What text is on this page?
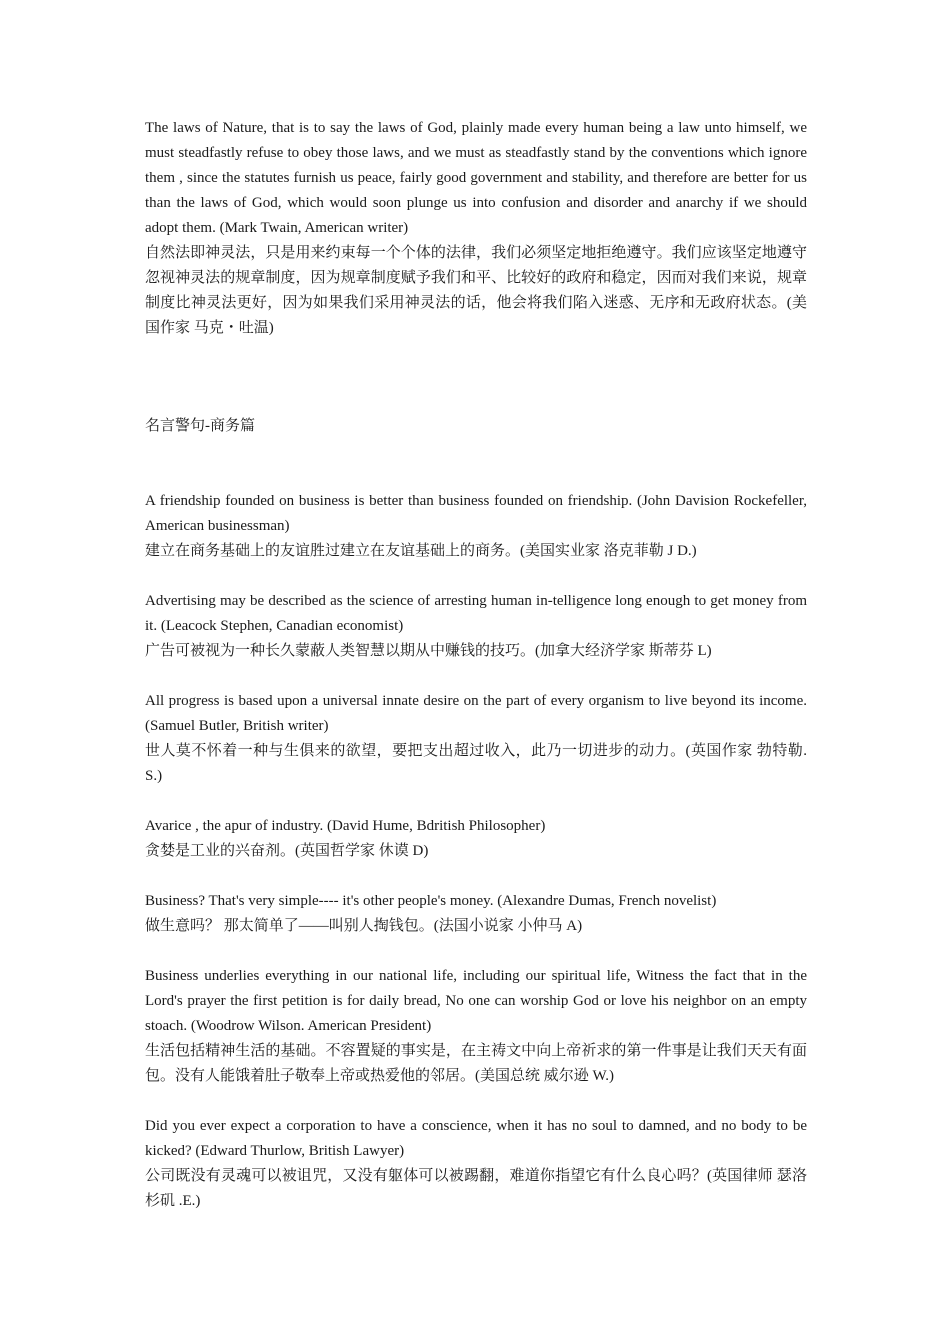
The laws of Nature, that is to say the laws of God, plainly made every human being a law unto himself, we must steadfastly refuse to obey those laws, and we must as steadfastly stand by the conventions which ignore them , since the statutes furnish us peace, fairly good government and stability, and therefore are better for us than the laws of God, which would soon plunge us into confusion and disorder and anarchy if we should adopt them. (Mark Twain, American writer)

自然法即神灵法，只是用来约束每一个个体的法律，我们必须坚定地拒绝遵守。我们应该坚定地遵守忽视神灵法的规章制度，因为规章制度赋予我们和平、比较好的政府和稳定，因而对我们来说，规章制度比神灵法更好，因为如果我们采用神灵法的话，他会将我们陷入迷惑、无序和无政府状态。(美国作家 马克・吐温)

名言警句-商务篇

A friendship founded on business is better than business founded on friendship. (John Davision Rockefeller, American businessman)

建立在商务基础上的友谊胜过建立在友谊基础上的商务。(美国实业家 洛克菲勒 J D.)

Advertising may be described as the science of arresting human in-telligence long enough to get money from it. (Leacock Stephen, Canadian economist)

广告可被视为一种长久蒙蔽人类智慧以期从中赚钱的技巧。(加拿大经济学家 斯蒂芬 L)

All progress is based upon a universal innate desire on the part of every organism to live beyond its income. (Samuel Butler, British writer)

世人莫不怀着一种与生俱来的欲望，要把支出超过收入，此乃一切进步的动力。(英国作家 勃特勒. S.)

Avarice , the apur of industry. (David Hume, Bdritish Philosopher)

贪婪是工业的兴奋剂。(英国哲学家 休谟 D)

Business? That's very simple---- it's other people's money. (Alexandre Dumas, French novelist)

做生意吗？ 那太简单了——叫别人掏钱包。(法国小说家 小仲马 A)

Business underlies everything in our national life, including our spiritual life, Witness the fact that in the Lord's prayer the first petition is for daily bread, No one can worship God or love his neighbor on an empty stoach. (Woodrow Wilson. American President)

生活包括精神生活的基础。不容置疑的事实是，在主祷文中向上帝祈求的第一件事是让我们天天有面包。没有人能饿着肚子敬奉上帝或热爱他的邻居。(美国总统 威尔逊 W.)

Did you ever expect a corporation to have a conscience, when it has no soul to damned, and no body to be kicked? (Edward Thurlow, British Lawyer)

公司既没有灵魂可以被诅咒，又没有躯体可以被踢翻，难道你指望它有什么良心吗？(英国律师 瑟洛杉矶 .E.)
